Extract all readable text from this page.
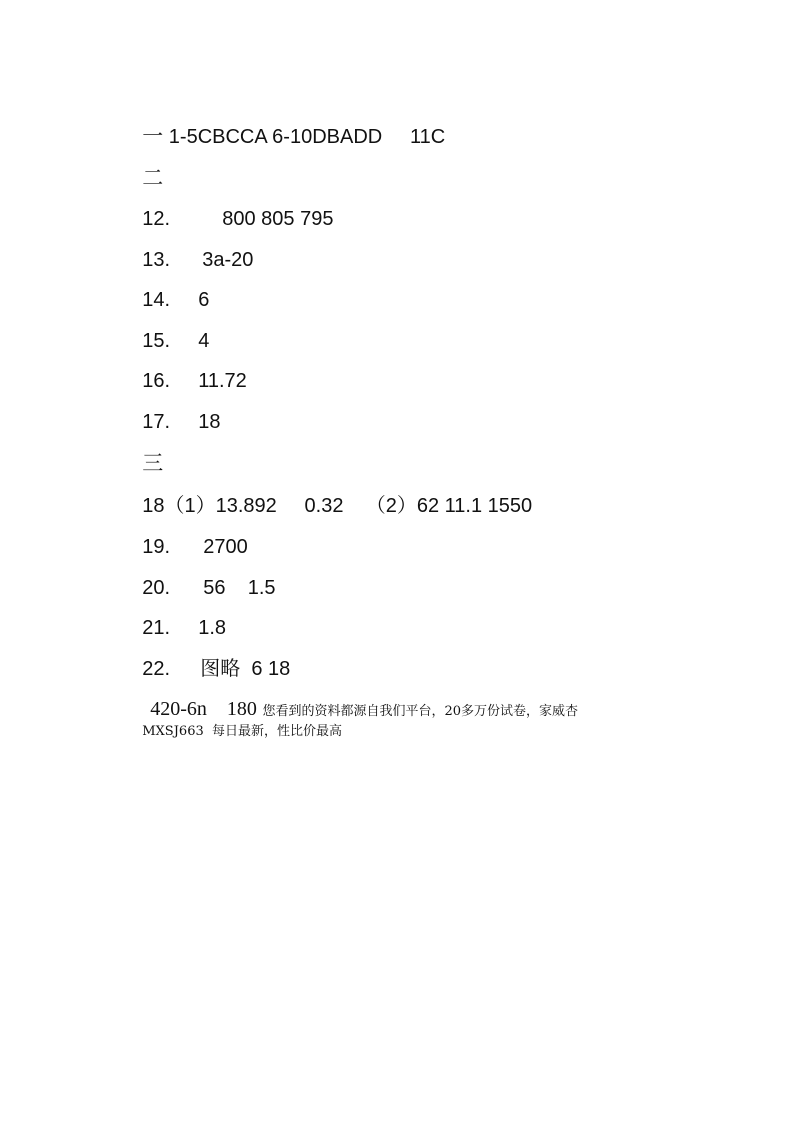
一 1-5CBCCA 6-10DBADD     11C

二

12.	800 805 795

13. 3a-20

14. 6

15. 4

16. 11.72

17. 18

三

18（1）13.892     0.32    （2）62 11.1 1550

19. 2700

20. 56    1.5

21. 1.8

22. 图略  6 18

420-6n    180 您看到的资料都源自我们平台，20多万份试卷，家威杏

MXSJ663  每日最新，性比价最高
